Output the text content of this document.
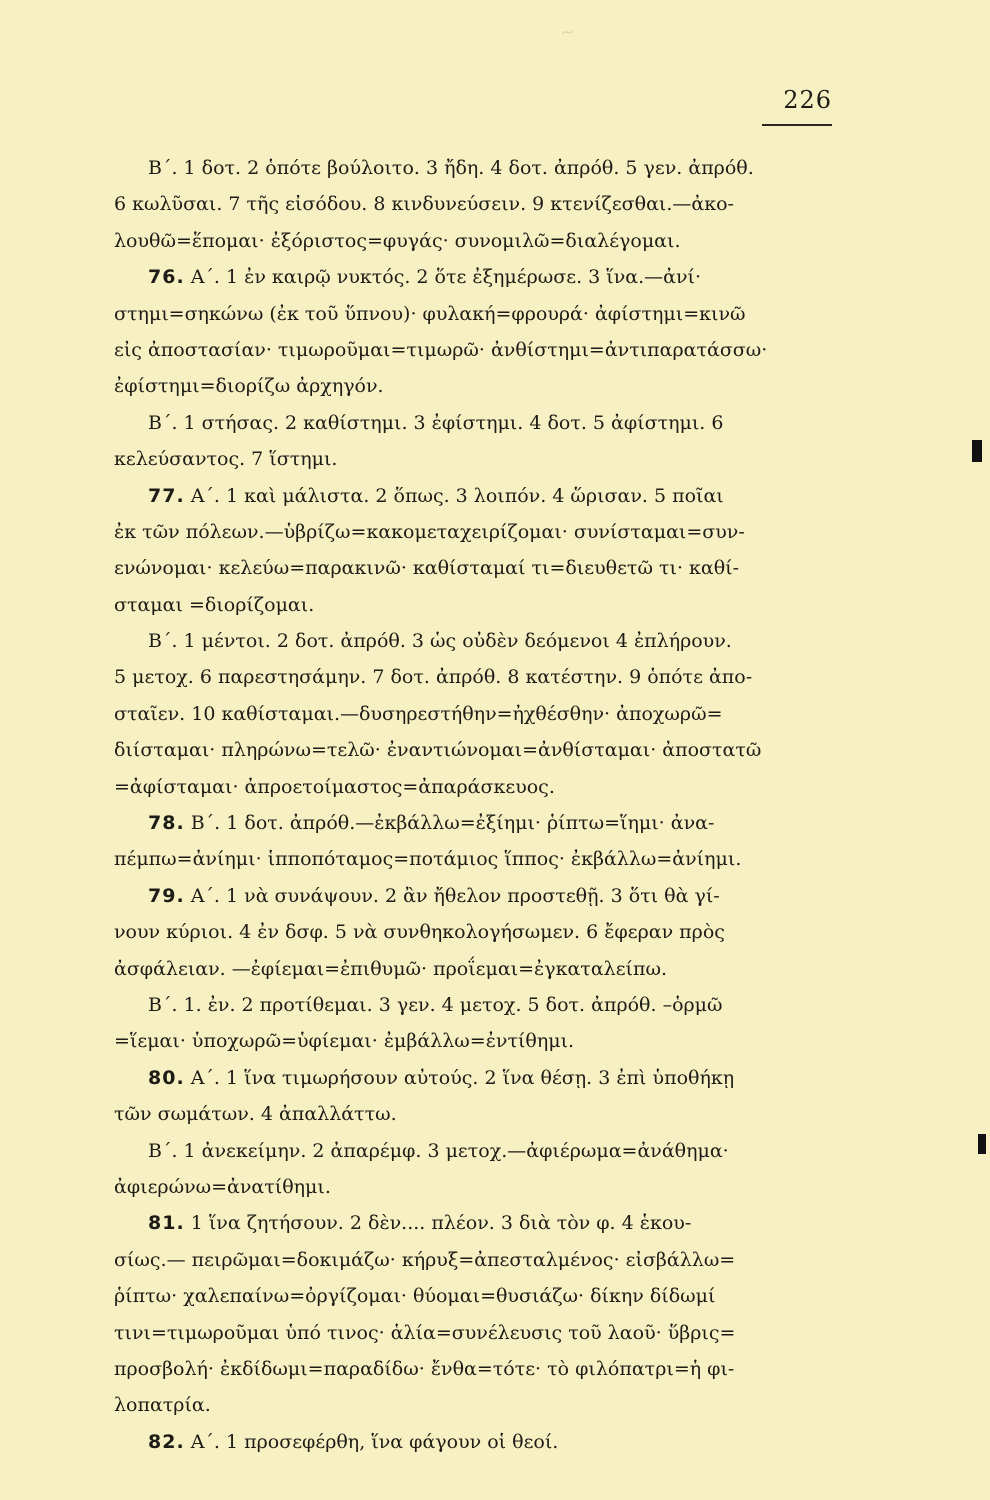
~
226
Β΄. 1 δοτ. 2 ὁπότε βούλοιτο. 3 ἤδη. 4 δοτ. ἀπρόθ. 5 γεν. ἀπρόθ.
6 κωλῦσαι. 7 τῆς εἰσόδου. 8 κινδυνεύσειν. 9 κτενίζεσθαι.—ἀκο-
λουθῶ=ἕπομαι· ἐξόριστος=φυγάς· συνομιλῶ=διαλέγομαι.
76. Α΄. 1 ἐν καιρῷ νυκτός. 2 ὅτε ἐξημέρωσε. 3 ἵνα.—ἀνί·
στημι=σηκώνω (ἐκ τοῦ ὕπνου)· φυλακή=φρουρά· ἀφίστημι=κινῶ
εἰς ἀποστασίαν· τιμωροῦμαι=τιμωρῶ· ἀνθίστημι=ἀντιπαρατάσσω·
ἐφίστημι=διορίζω ἀρχηγόν.
Β΄. 1 στήσας. 2 καθίστημι. 3 ἐφίστημι. 4 δοτ. 5 ἀφίστημι. 6
κελεύσαντος. 7 ἵστημι.
77. Α΄. 1 καὶ μάλιστα. 2 ὅπως. 3 λοιπόν. 4 ὥρισαν. 5 ποῖαι
ἐκ τῶν πόλεων.—ὑβρίζω=κακομεταχειρίζομαι· συνίσταμαι=συν-
ενώνομαι· κελεύω=παρακινῶ· καθίσταμαί τι=διευθετῶ τι· καθί-
σταμαι =διορίζομαι.
Β΄. 1 μέντοι. 2 δοτ. ἀπρόθ. 3 ὡς οὐδὲν δεόμενοι 4 ἐπλήρουν.
5 μετοχ. 6 παρεστησάμην. 7 δοτ. ἀπρόθ. 8 κατέστην. 9 ὁπότε ἀπο-
σταῖεν. 10 καθίσταμαι.—δυσηρεστήθην=ἠχθέσθην· ἀποχωρῶ=
διίσταμαι· πληρώνω=τελῶ· ἐναντιώνομαι=ἀνθίσταμαι· ἀποστατῶ
=ἀφίσταμαι· ἀπροετοίμαστος=ἀπαράσκευος.
78. Β΄. 1 δοτ. ἀπρόθ.—ἐκβάλλω=ἐξίημι· ῥίπτω=ἵημι· ἀνα-
πέμπω=ἀνίημι· ἱπποπόταμος=ποτάμιος ἵππος· ἐκβάλλω=ἀνίημι.
79. Α΄. 1 νὰ συνάψουν. 2 ἂν ἤθελον προστεθῇ. 3 ὅτι θὰ γί-
νουν κύριοι. 4 ἐν δσφ. 5 νὰ συνθηκολογήσωμεν. 6 ἔφεραν πρὸς
ἀσφάλειαν. —ἐφίεμαι=ἐπιθυμῶ· προΐεμαι=ἐγκαταλείπω.
Β΄. 1. ἐν. 2 προτίθεμαι. 3 γεν. 4 μετοχ. 5 δοτ. ἀπρόθ. –ὁρμῶ
=ἵεμαι· ὑποχωρῶ=ὑφίεμαι· ἐμβάλλω=ἐντίθημι.
80. Α΄. 1 ἵνα τιμωρήσουν αὐτούς. 2 ἵνα θέσῃ. 3 ἐπὶ ὑποθήκῃ
τῶν σωμάτων. 4 ἀπαλλάττω.
Β΄. 1 ἀνεκείμην. 2 ἀπαρέμφ. 3 μετοχ.—ἀφιέρωμα=ἀνάθημα·
ἀφιερώνω=ἀνατίθημι.
81. 1 ἵνα ζητήσουν. 2 δὲν.... πλέον. 3 διὰ τὸν φ. 4 ἑκου-
σίως.— πειρῶμαι=δοκιμάζω· κήρυξ=ἀπεσταλμένος· εἰσβάλλω=
ῥίπτω· χαλεπαίνω=ὀργίζομαι· θύομαι=θυσιάζω· δίκην δίδωμί
τινι=τιμωροῦμαι ὑπό τινος· ἁλία=συνέλευσις τοῦ λαοῦ· ὕβρις=
προσβολή· ἐκδίδωμι=παραδίδω· ἔνθα=τότε· τὸ φιλόπατρι=ἡ φι-
λοπατρία.
82. Α΄. 1 προσεφέρθη, ἵνα φάγουν οἱ θεοί.
